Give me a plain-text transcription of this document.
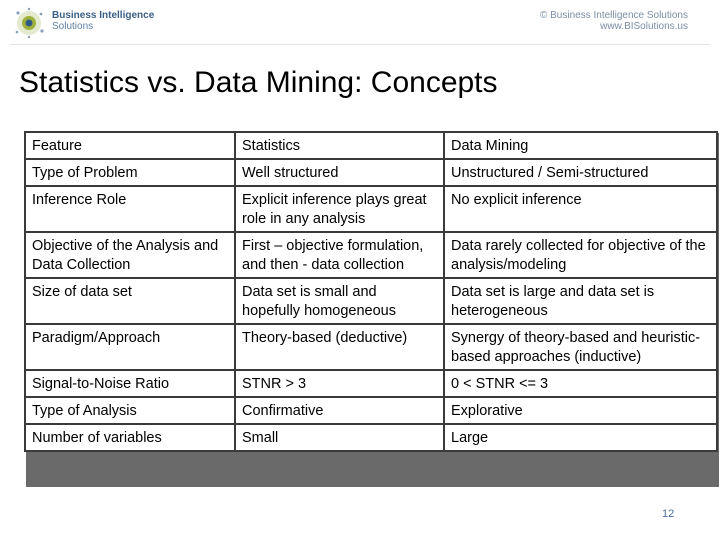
Business Intelligence
Solutions
© Business Intelligence Solutions
www.BISolutions.us
Statistics vs. Data Mining: Concepts
Feature	Statistics	Data Mining
Type of Problem	Well structured	Unstructured / Semi-structured
Inference Role	Explicit inference plays great role in any analysis	No explicit inference
Objective of the Analysis and Data Collection	First – objective formulation, and then - data collection	Data rarely collected for objective of the analysis/modeling
Size of data set	Data set is small and hopefully homogeneous	Data set is large and data set is heterogeneous
Paradigm/Approach	Theory-based (deductive)	Synergy of theory-based and heuristic-based approaches (inductive)
Signal-to-Noise Ratio	STNR > 3	0 < STNR <= 3
Type of Analysis	Confirmative	Explorative
Number of variables	Small	Large
12
